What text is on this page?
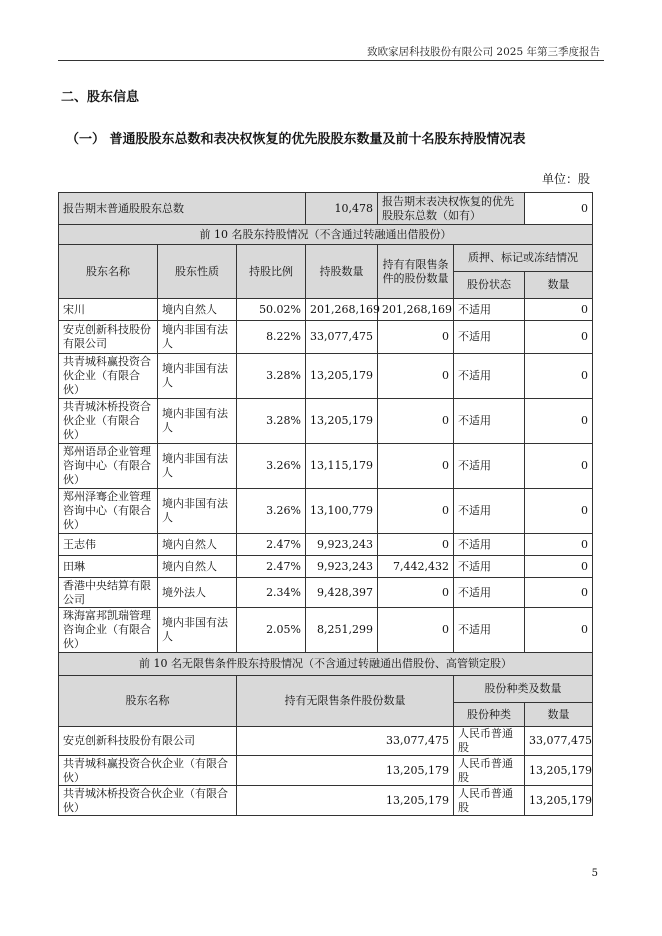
致欧家居科技股份有限公司 2025 年第三季度报告
二、股东信息
（一） 普通股股东总数和表决权恢复的优先股股东数量及前十名股东持股情况表
单位：股
报告期末普通股股东总数			10,478	报告期末表决权恢复的优先股股东总数（如有）		0
前 10 名股东持股情况（不含通过转融通出借股份）						
股东名称	股东性质	持股比例	持股数量	持有有限售条件的股份数量	质押、标记或冻结情况	
					股份状态	数量
宋川	境内自然人	50.02%	201,268,169	201,268,169	不适用	0
安克创新科技股份有限公司	境内非国有法人	8.22%	33,077,475	0	不适用	0
共青城科赢投资合伙企业（有限合伙）	境内非国有法人	3.28%	13,205,179	0	不适用	0
共青城沐桥投资合伙企业（有限合伙）	境内非国有法人	3.28%	13,205,179	0	不适用	0
郑州语昂企业管理咨询中心（有限合伙）	境内非国有法人	3.26%	13,115,179	0	不适用	0
郑州泽骞企业管理咨询中心（有限合伙）	境内非国有法人	3.26%	13,100,779	0	不适用	0
王志伟	境内自然人	2.47%	9,923,243	0	不适用	0
田琳	境内自然人	2.47%	9,923,243	7,442,432	不适用	0
香港中央结算有限公司	境外法人	2.34%	9,428,397	0	不适用	0
珠海富邦凯瑞管理咨询企业（有限合伙）	境内非国有法人	2.05%	8,251,299	0	不适用	0
前 10 名无限售条件股东持股情况（不含通过转融通出借股份、高管锁定股）						
股东名称		持有无限售条件股份数量			股份种类及数量	
					股份种类	数量
安克创新科技股份有限公司		33,077,475			人民币普通股	33,077,475
共青城科赢投资合伙企业（有限合伙）		13,205,179			人民币普通股	13,205,179
共青城沐桥投资合伙企业（有限合伙）		13,205,179			人民币普通股	13,205,179
5
